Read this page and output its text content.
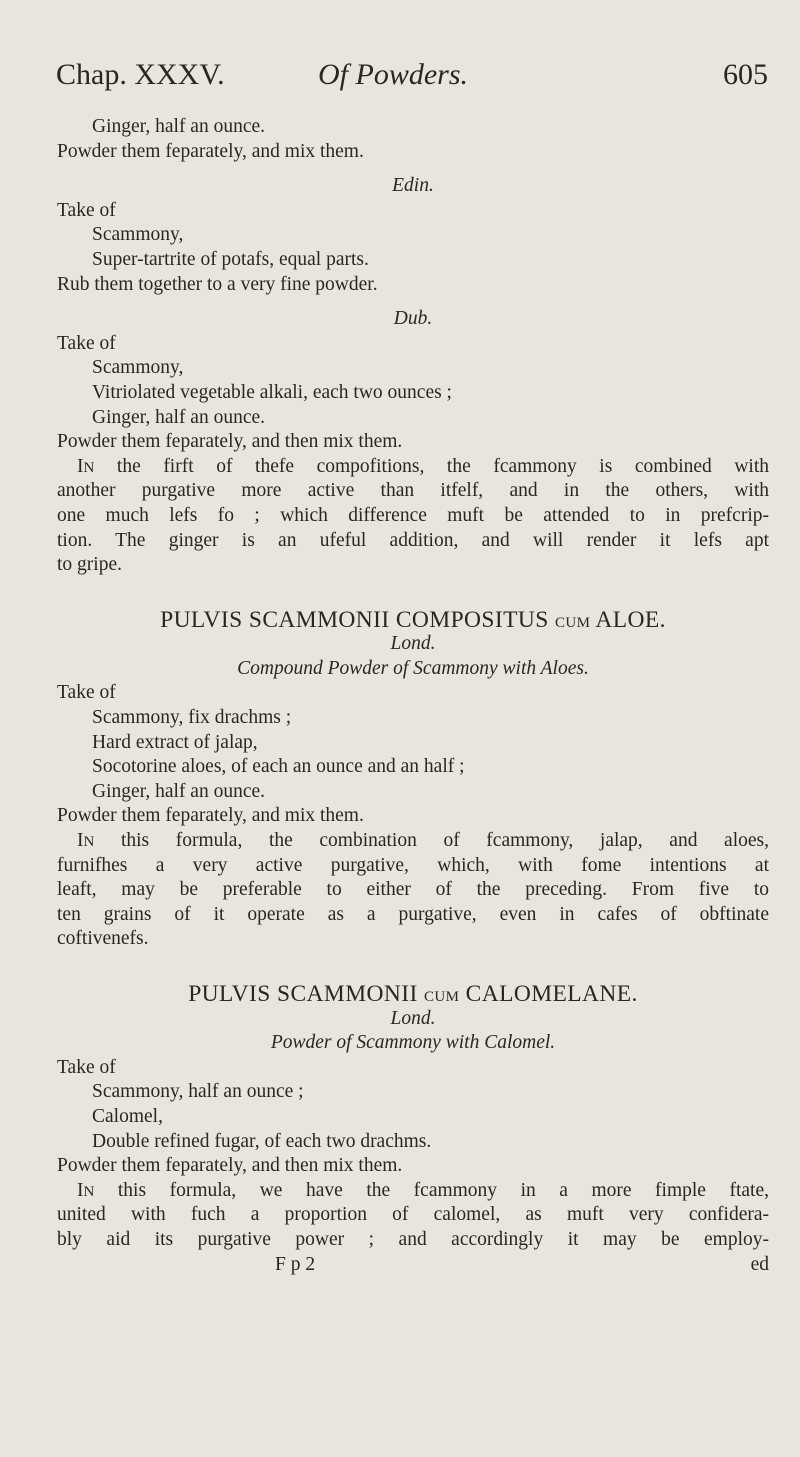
Chap. XXXV.	Of Powders.	605
Ginger, half an ounce.
Powder them feparately, and mix them.
Edin.
Take of
Scammony,
Super-tartrite of potafs, equal parts.
Rub them together to a very fine powder.
Dub.
Take of
Scammony,
Vitriolated vegetable alkali, each two ounces ;
Ginger, half an ounce.
Powder them feparately, and then mix them.
IN the firft of thefe compofitions, the fcammony is combined with
another purgative more active than itfelf, and in the others, with
one much lefs fo ; which difference muft be attended to in prefcrip-
tion. The ginger is an ufeful addition, and will render it lefs apt
to gripe.
PULVIS SCAMMONII COMPOSITUS CUM ALOE.
Lond.
Compound Powder of Scammony with Aloes.
Take of
Scammony, fix drachms ;
Hard extract of jalap,
Socotorine aloes, of each an ounce and an half ;
Ginger, half an ounce.
Powder them feparately, and mix them.
IN this formula, the combination of fcammony, jalap, and aloes,
furnifhes a very active purgative, which, with fome intentions at
leaft, may be preferable to either of the preceding. From five to
ten grains of it operate as a purgative, even in cafes of obftinate
coftivenefs.
PULVIS SCAMMONII CUM CALOMELANE.
Lond.
Powder of Scammony with Calomel.
Take of
Scammony, half an ounce ;
Calomel,
Double refined fugar, of each two drachms.
Powder them feparately, and then mix them.
IN this formula, we have the fcammony in a more fimple ftate,
united with fuch a proportion of calomel, as muft very confidera-
bly aid its purgative power ; and accordingly it may be employ-
F p 2	ed
